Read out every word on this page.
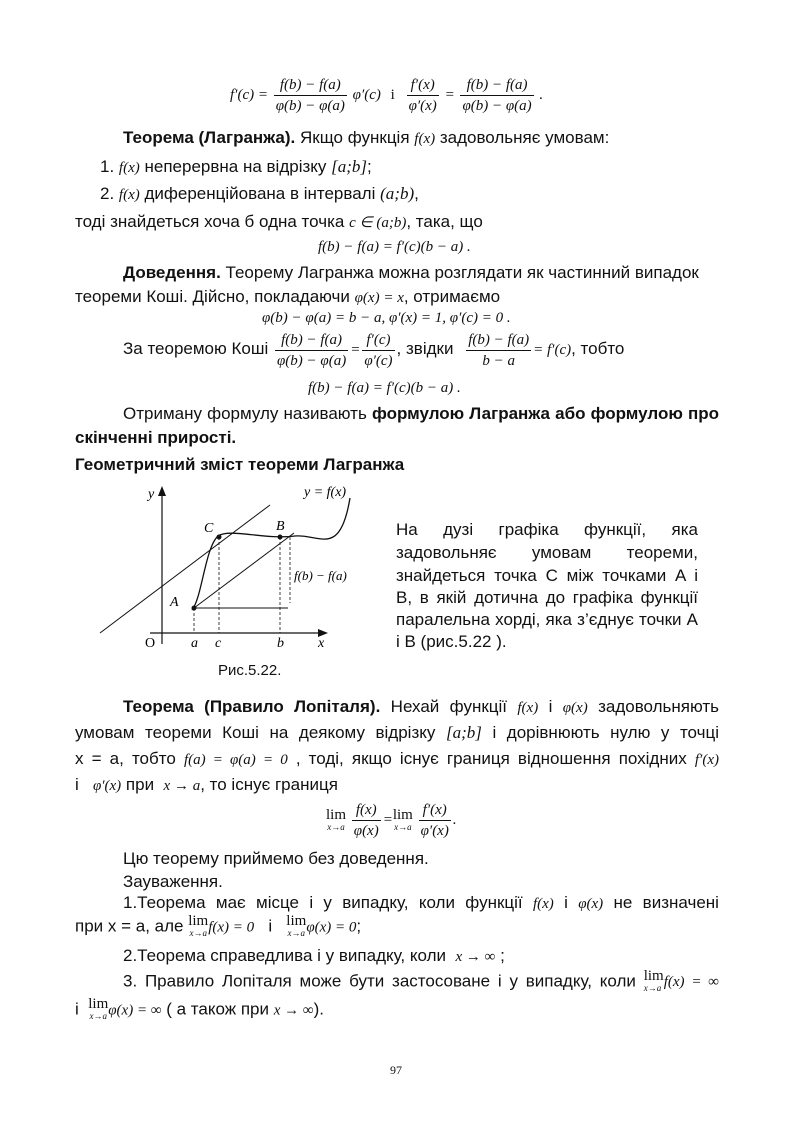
$f'(c) = \frac{f(b) - f(a)}{\varphi(b) - \varphi(a)} \varphi'(c)$ і $\frac{f'(x)}{\varphi'(x)} = \frac{f(b) - f(a)}{\varphi(b) - \varphi(a)}$ .
Теорема (Лагранжа). Якщо функція f(x) задовольняє умовам:
1. f(x) неперервна на відрізку [a;b];
2. f(x) диференційована в інтервалі (a;b),
тоді знайдеться хоча б одна точка c ∈ (a;b), така, що
f(b) − f(a) = f′(c)(b − a) .
Доведення. Теорему Лагранжа можна розглядати як частинний випадок
теореми Коші. Дійсно, покладаючи φ(x) = x, отримаємо
φ(b) − φ(a) = b − a, φ′(x) = 1, φ′(c) = 0 .
За теоремою Коші $\frac{f(b) - f(a)}{\varphi(b) - \varphi(a)} = \frac{f'(c)}{\varphi'(c)}$ , звідки $\frac{f(b) - f(a)}{b - a} = f'(c)$, тобто
f(b) − f(a) = f′(c)(b − a) .
Отриману формулу називають формулою Лагранжа або формулою про
скінченні прирості.
Геометричний зміст теореми Лагранжа
y
x
O
y = f(x)
A
C	B
a c	b
f(b) − f(a)
Рис.5.22.
На дузі графіка функції, яка
задовольняє умовам теореми,
знайдеться точка C між точками A і
B, в якій дотична до графіка функції
паралельна хорді, яка з’єднує точки A
і B (рис.5.22 ).
Теорема (Правило Лопіталя). Нехай функції f(x) і φ(x) задовольняють
умовам теореми Коші на деякому відрізку [a;b] і дорівнюють нулю у точці
x = a, тобто f(a) = φ(a) = 0 , тоді, якщо існує границя відношення похідних f′(x)
і φ′(x) при x → a, то існує границя
lim
x→a
$\frac{f(x)}{\varphi(x)} =\lim$
x→a
$\frac{f'(x)}{\varphi'(x)}$ .
Цю теорему приймемо без доведення.
Зауваження.
1.Теорема має місце і у випадку, коли функції f(x) і φ(x) не визначені
при x = a, але lim
x→a f(x) = 0 і lim
x→a φ(x) = 0;
2.Теорема справедлива і у випадку, коли x → ∞ ;
3. Правило Лопіталя може бути застосоване і у випадку, коли lim
x→a f(x) = ∞
і lim
x→a φ(x) = ∞ ( а також при x → ∞).
97
